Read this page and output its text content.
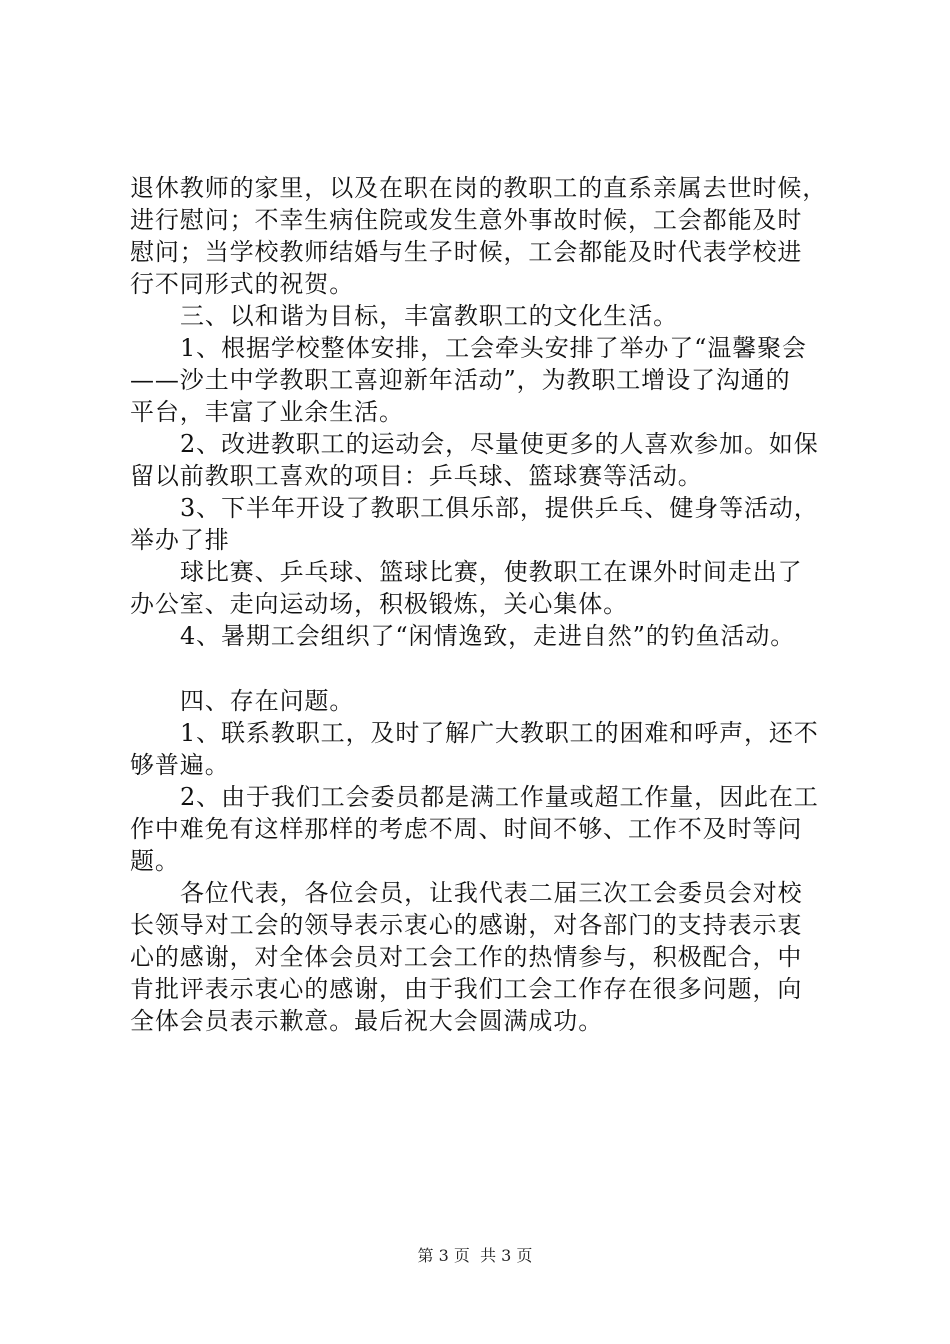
退休教师的家里，以及在职在岗的教职工的直系亲属去世时候，
进行慰问；不幸生病住院或发生意外事故时候，工会都能及时
慰问；当学校教师结婚与生子时候，工会都能及时代表学校进
行不同形式的祝贺。
三、以和谐为目标，丰富教职工的文化生活。
1、根据学校整体安排，工会牵头安排了举办了“温馨聚会
——沙土中学教职工喜迎新年活动”，为教职工增设了沟通的
平台，丰富了业余生活。
2、改进教职工的运动会，尽量使更多的人喜欢参加。如保
留以前教职工喜欢的项目：乒乓球、篮球赛等活动。
3、下半年开设了教职工俱乐部，提供乒乓、健身等活动，
举办了排
球比赛、乒乓球、篮球比赛，使教职工在课外时间走出了
办公室、走向运动场，积极锻炼，关心集体。
4、暑期工会组织了“闲情逸致，走进自然”的钓鱼活动。
四、存在问题。
1、联系教职工，及时了解广大教职工的困难和呼声，还不
够普遍。
2、由于我们工会委员都是满工作量或超工作量，因此在工
作中难免有这样那样的考虑不周、时间不够、工作不及时等问
题。
各位代表，各位会员，让我代表二届三次工会委员会对校
长领导对工会的领导表示衷心的感谢，对各部门的支持表示衷
心的感谢，对全体会员对工会工作的热情参与，积极配合，中
肯批评表示衷心的感谢，由于我们工会工作存在很多问题，向
全体会员表示歉意。最后祝大会圆满成功。
第 3 页  共 3 页
